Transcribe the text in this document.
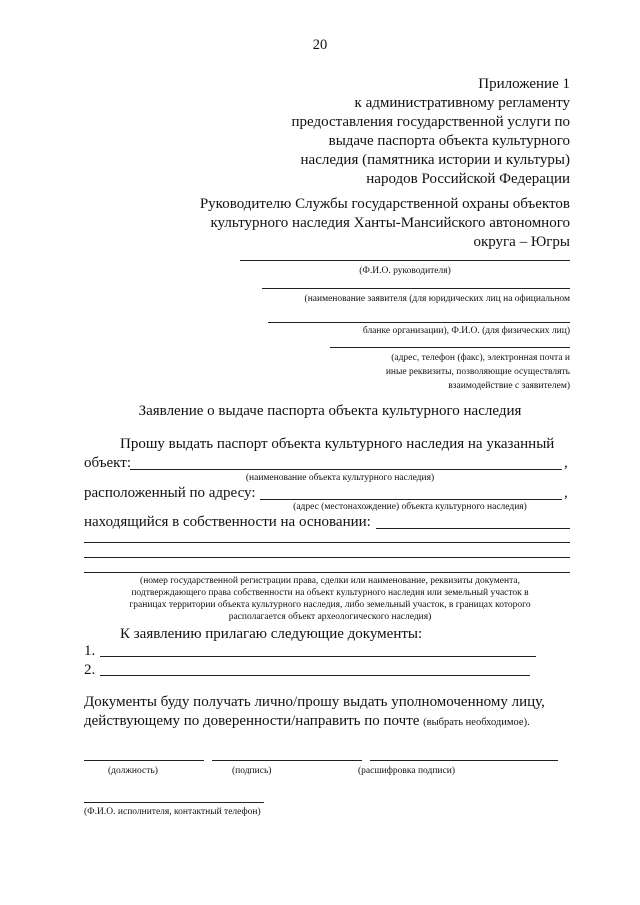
20
Приложение 1
к административному регламенту
предоставления государственной услуги по
выдаче паспорта объекта культурного
наследия (памятника истории и культуры)
народов Российской Федерации
Руководителю Службы государственной охраны объектов
культурного наследия Ханты-Мансийского автономного
округа – Югры
(Ф.И.О. руководителя)
(наименование заявителя (для юридических лиц на официальном
бланке организации), Ф.И.О. (для физических лиц)
(адрес, телефон (факс), электронная почта и
иные реквизиты, позволяющие осуществлять
взаимодействие с заявителем)
Заявление о выдаче паспорта объекта культурного наследия
Прошу выдать паспорт объекта культурного наследия на указанный
объект:	,
(наименование объекта культурного наследия)
расположенный по адресу:	,
(адрес (местонахождение) объекта культурного наследия)
находящийся в собственности на основании:
(номер государственной регистрации права, сделки или наименование, реквизиты документа,
подтверждающего права собственности на объект культурного наследия или земельный участок в
границах территории объекта культурного наследия, либо земельный участок, в границах которого
располагается объект археологического наследия)
К заявлению прилагаю следующие документы:
1.
2.
Документы буду получать лично/прошу выдать уполномоченному лицу,
действующему по доверенности/направить по почте (выбрать необходимое).
(должность)	(подпись)	(расшифровка подписи)
(Ф.И.О. исполнителя, контактный телефон)
